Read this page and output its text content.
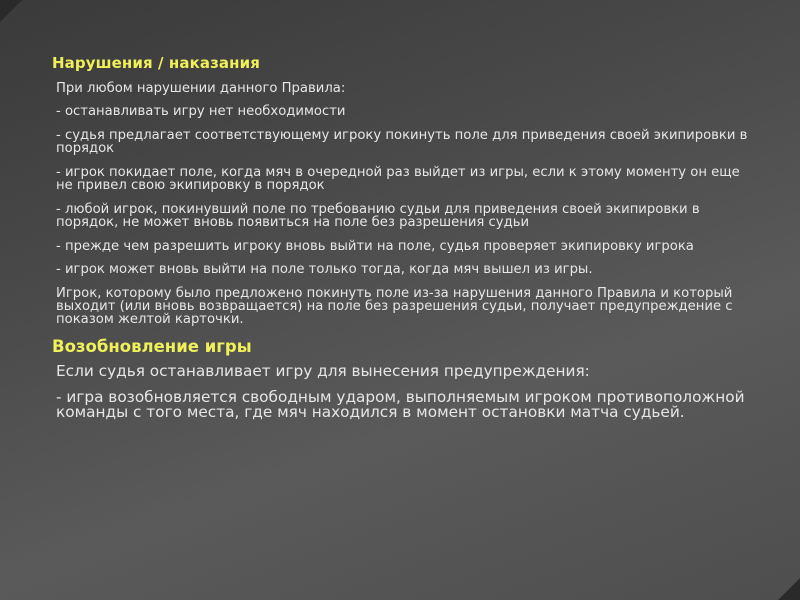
Нарушения / наказания
При любом нарушении данного Правила:
- останавливать игру нет необходимости
- судья предлагает соответствующему игроку покинуть поле для приведения своей экипировки в порядок
- игрок покидает поле, когда мяч в очередной раз выйдет из игры, если к этому моменту он еще не привел свою экипировку в порядок
- любой игрок, покинувший поле по требованию судьи для приведения своей экипировки в порядок, не может вновь появиться на поле без разрешения судьи
- прежде чем разрешить игроку вновь выйти на поле, судья проверяет экипировку игрока
- игрок может вновь выйти на поле только тогда, когда мяч вышел из игры.
Игрок, которому было предложено покинуть поле из-за нарушения данного Правила и который выходит (или вновь возвращается) на поле без разрешения судьи, получает предупреждение с показом желтой карточки.
Возобновление игры
Если судья останавливает игру для вынесения предупреждения:
- игра возобновляется свободным ударом, выполняемым игроком противоположной команды с того места, где мяч находился в момент остановки матча судьей.
